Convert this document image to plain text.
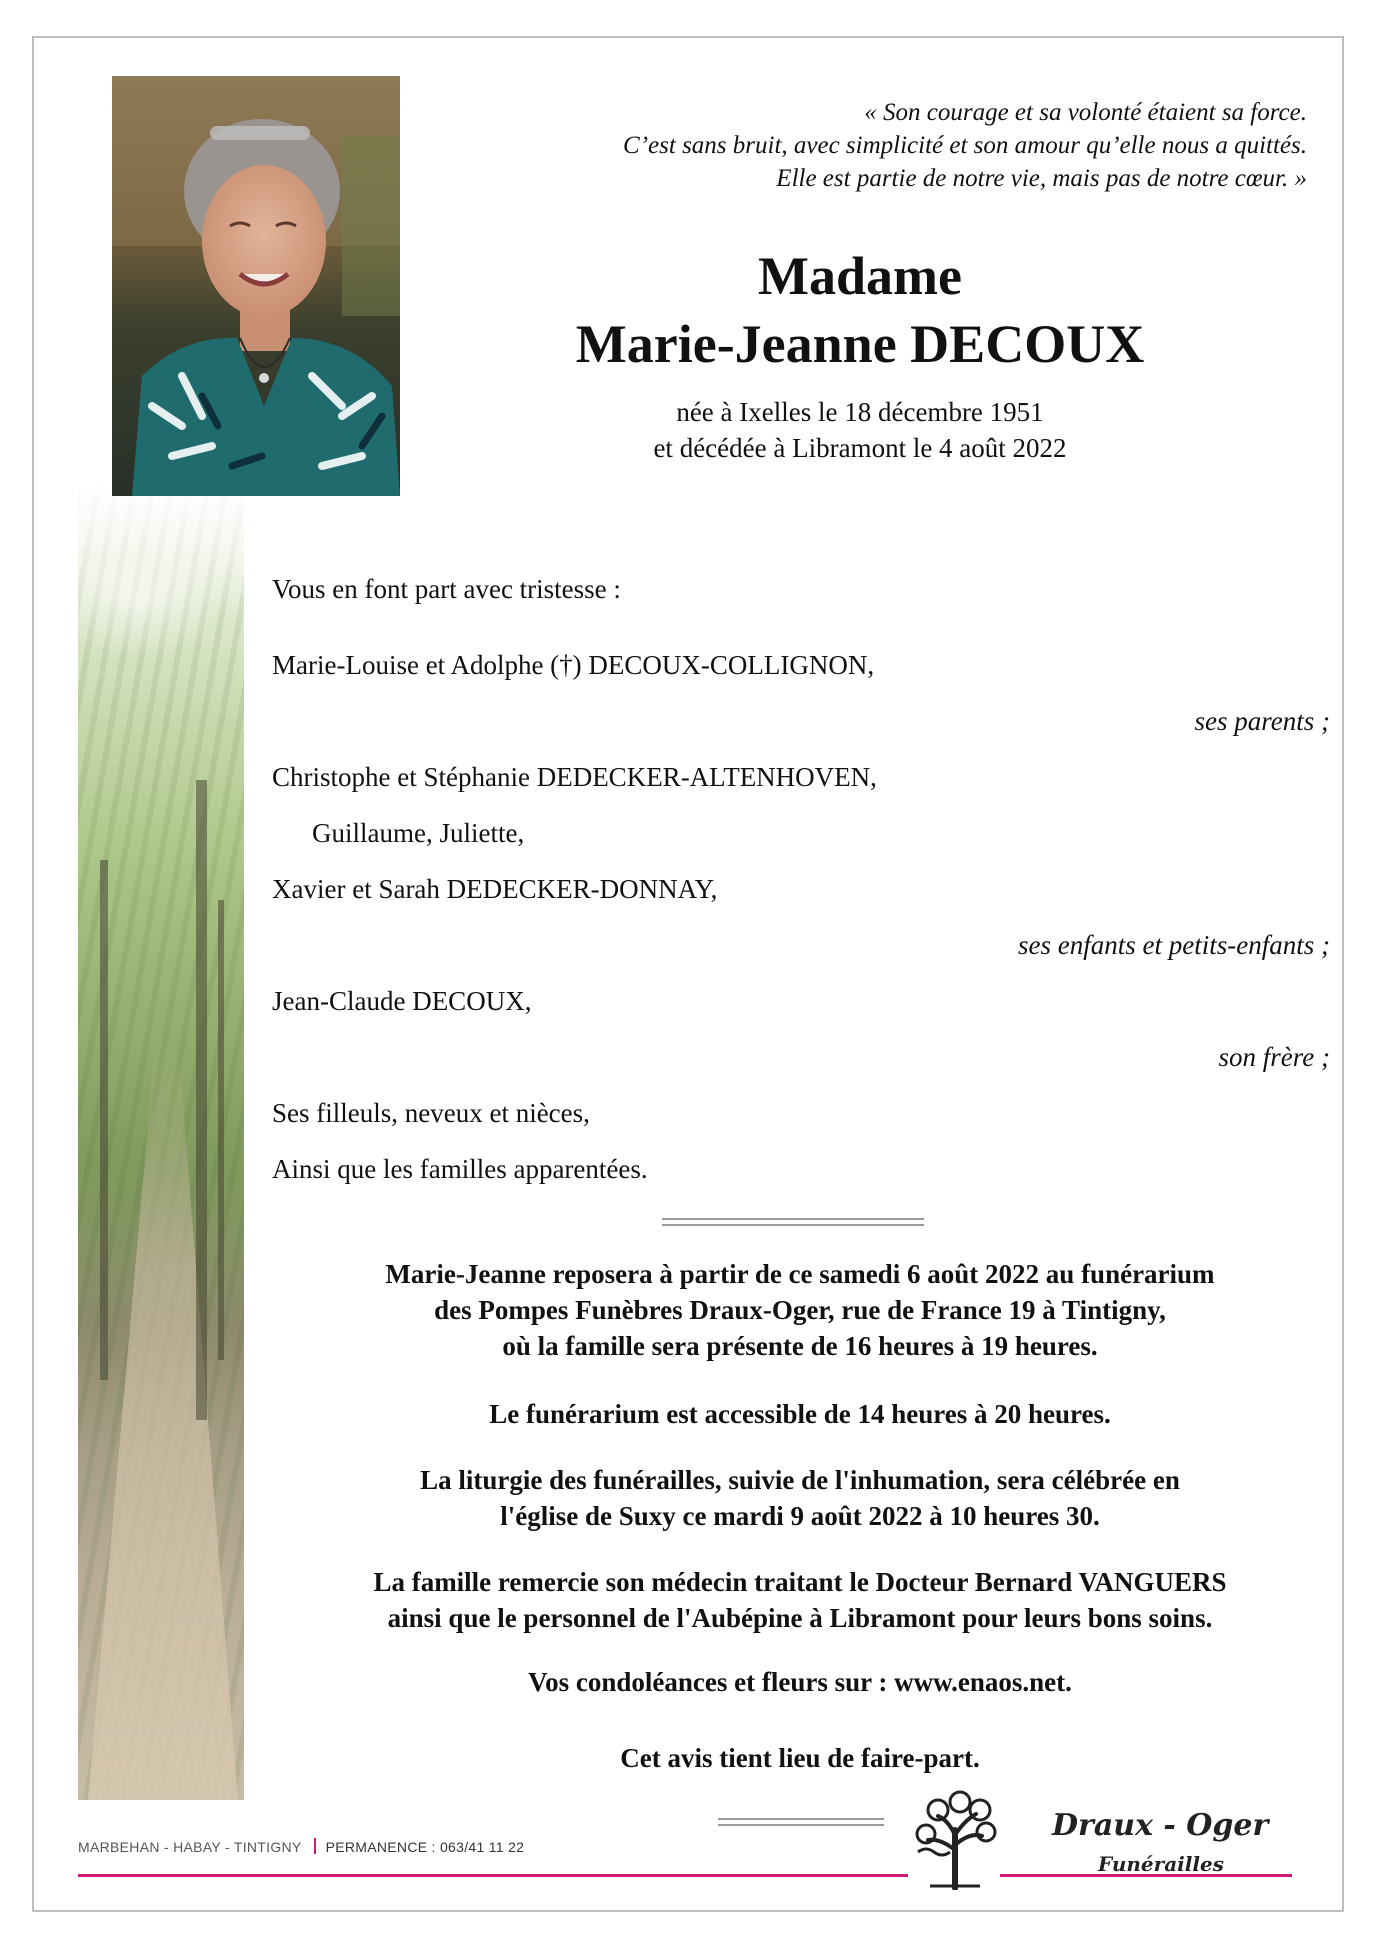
« Son courage et sa volonté étaient sa force.
C’est sans bruit, avec simplicité et son amour qu’elle nous a quittés.
Elle est partie de notre vie, mais pas de notre cœur. »
Madame
Marie-Jeanne DECOUX
née à Ixelles le 18 décembre 1951
et décédée à Libramont le 4 août 2022
Vous en font part avec tristesse :
Marie-Louise et Adolphe (†) DECOUX-COLLIGNON,
ses parents ;
Christophe et Stéphanie DEDECKER-ALTENHOVEN,
Guillaume, Juliette,
Xavier et Sarah DEDECKER-DONNAY,
ses enfants et petits-enfants ;
Jean-Claude DECOUX,
son frère ;
Ses filleuls, neveux et nièces,
Ainsi que les familles apparentées.
Marie-Jeanne reposera à partir de ce samedi 6 août 2022 au funérarium
des Pompes Funèbres Draux-Oger, rue de France 19 à Tintigny,
où la famille sera présente de 16 heures à 19 heures.
Le funérarium est accessible de 14 heures à 20 heures.
La liturgie des funérailles, suivie de l'inhumation, sera célébrée en
l'église de Suxy ce mardi 9 août 2022 à 10 heures 30.
La famille remercie son médecin traitant le Docteur Bernard VANGUERS
ainsi que le personnel de l'Aubépine à Libramont pour leurs bons soins.
Vos condoléances et fleurs sur : www.enaos.net.
Cet avis tient lieu de faire-part.
MARBEHAN - HABAY - TINTIGNY PERMANENCE : 063/41 11 22
Draux - Oger
Funérailles
